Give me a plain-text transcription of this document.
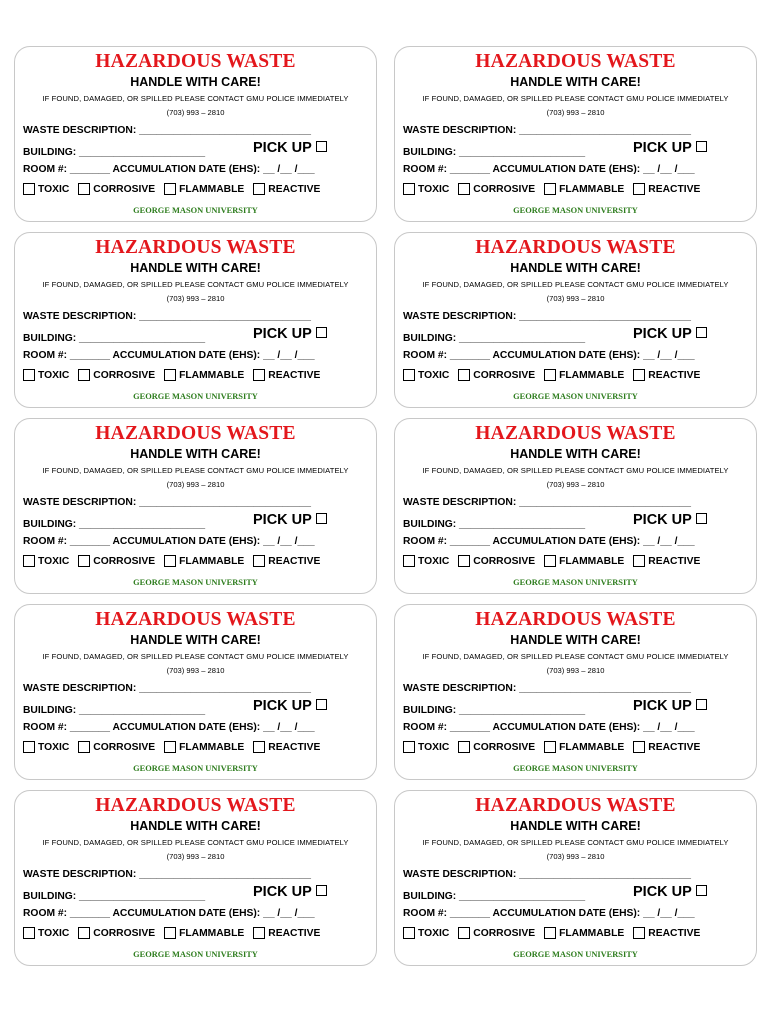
HAZARDOUS WASTE
HANDLE WITH CARE!
IF FOUND, DAMAGED, OR SPILLED PLEASE CONTACT GMU POLICE IMMEDIATELY
(703) 993 – 2810
WASTE DESCRIPTION: ______________________________
BUILDING: ______________________	PICK UP
ROOM #: _______ ACCUMULATION DATE (EHS): __ /__ /___
TOXIC CORROSIVE FLAMMABLE REACTIVE
GEORGE MASON UNIVERSITY
HAZARDOUS WASTE
HANDLE WITH CARE!
IF FOUND, DAMAGED, OR SPILLED PLEASE CONTACT GMU POLICE IMMEDIATELY
(703) 993 – 2810
WASTE DESCRIPTION: ______________________________
BUILDING: ______________________	PICK UP
ROOM #: _______ ACCUMULATION DATE (EHS): __ /__ /___
TOXIC CORROSIVE FLAMMABLE REACTIVE
GEORGE MASON UNIVERSITY
HAZARDOUS WASTE
HANDLE WITH CARE!
IF FOUND, DAMAGED, OR SPILLED PLEASE CONTACT GMU POLICE IMMEDIATELY
(703) 993 – 2810
WASTE DESCRIPTION: ______________________________
BUILDING: ______________________	PICK UP
ROOM #: _______ ACCUMULATION DATE (EHS): __ /__ /___
TOXIC CORROSIVE FLAMMABLE REACTIVE
GEORGE MASON UNIVERSITY
HAZARDOUS WASTE
HANDLE WITH CARE!
IF FOUND, DAMAGED, OR SPILLED PLEASE CONTACT GMU POLICE IMMEDIATELY
(703) 993 – 2810
WASTE DESCRIPTION: ______________________________
BUILDING: ______________________	PICK UP
ROOM #: _______ ACCUMULATION DATE (EHS): __ /__ /___
TOXIC CORROSIVE FLAMMABLE REACTIVE
GEORGE MASON UNIVERSITY
HAZARDOUS WASTE
HANDLE WITH CARE!
IF FOUND, DAMAGED, OR SPILLED PLEASE CONTACT GMU POLICE IMMEDIATELY
(703) 993 – 2810
WASTE DESCRIPTION: ______________________________
BUILDING: ______________________	PICK UP
ROOM #: _______ ACCUMULATION DATE (EHS): __ /__ /___
TOXIC CORROSIVE FLAMMABLE REACTIVE
GEORGE MASON UNIVERSITY
HAZARDOUS WASTE
HANDLE WITH CARE!
IF FOUND, DAMAGED, OR SPILLED PLEASE CONTACT GMU POLICE IMMEDIATELY
(703) 993 – 2810
WASTE DESCRIPTION: ______________________________
BUILDING: ______________________	PICK UP
ROOM #: _______ ACCUMULATION DATE (EHS): __ /__ /___
TOXIC CORROSIVE FLAMMABLE REACTIVE
GEORGE MASON UNIVERSITY
HAZARDOUS WASTE
HANDLE WITH CARE!
IF FOUND, DAMAGED, OR SPILLED PLEASE CONTACT GMU POLICE IMMEDIATELY
(703) 993 – 2810
WASTE DESCRIPTION: ______________________________
BUILDING: ______________________	PICK UP
ROOM #: _______ ACCUMULATION DATE (EHS): __ /__ /___
TOXIC CORROSIVE FLAMMABLE REACTIVE
GEORGE MASON UNIVERSITY
HAZARDOUS WASTE
HANDLE WITH CARE!
IF FOUND, DAMAGED, OR SPILLED PLEASE CONTACT GMU POLICE IMMEDIATELY
(703) 993 – 2810
WASTE DESCRIPTION: ______________________________
BUILDING: ______________________	PICK UP
ROOM #: _______ ACCUMULATION DATE (EHS): __ /__ /___
TOXIC CORROSIVE FLAMMABLE REACTIVE
GEORGE MASON UNIVERSITY
HAZARDOUS WASTE
HANDLE WITH CARE!
IF FOUND, DAMAGED, OR SPILLED PLEASE CONTACT GMU POLICE IMMEDIATELY
(703) 993 – 2810
WASTE DESCRIPTION: ______________________________
BUILDING: ______________________	PICK UP
ROOM #: _______ ACCUMULATION DATE (EHS): __ /__ /___
TOXIC CORROSIVE FLAMMABLE REACTIVE
GEORGE MASON UNIVERSITY
HAZARDOUS WASTE
HANDLE WITH CARE!
IF FOUND, DAMAGED, OR SPILLED PLEASE CONTACT GMU POLICE IMMEDIATELY
(703) 993 – 2810
WASTE DESCRIPTION: ______________________________
BUILDING: ______________________	PICK UP
ROOM #: _______ ACCUMULATION DATE (EHS): __ /__ /___
TOXIC CORROSIVE FLAMMABLE REACTIVE
GEORGE MASON UNIVERSITY
